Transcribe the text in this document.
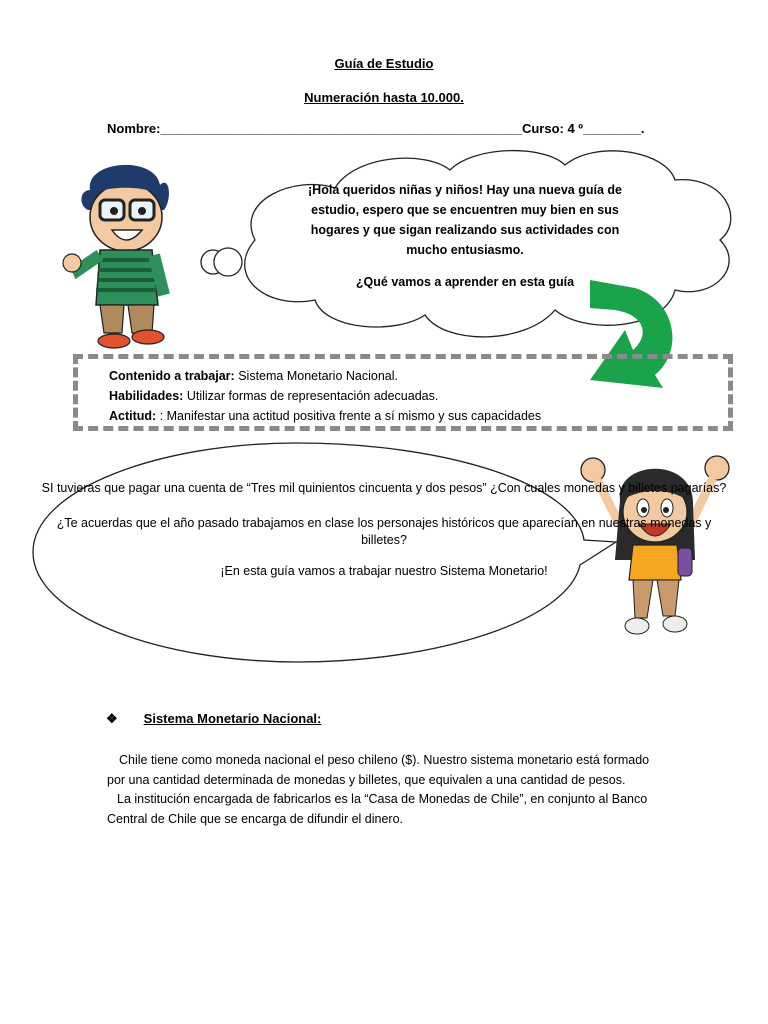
Guía de Estudio
Numeración hasta 10.000.
Nombre:__________________________________________________Curso: 4 º________.
¡Hola queridos niñas y niños! Hay una nueva guía de
estudio, espero que se encuentren muy bien en sus
hogares y que sigan realizando sus actividades con
mucho entusiasmo.
¿Qué vamos a aprender en esta guía
Contenido a trabajar: Sistema Monetario Nacional.
Habilidades: Utilizar formas de representación adecuadas.
Actitud: : Manifestar una actitud positiva frente a sí mismo y sus capacidades
SI tuvieras que pagar una cuenta de “Tres mil quinientos cincuenta y dos pesos” ¿Con cuales monedas y billetes pagarías?
¿Te acuerdas que el año pasado trabajamos en clase los personajes históricos que aparecían en nuestras monedas y
billetes?
¡En esta guía vamos a trabajar nuestro Sistema Monetario!
❖ Sistema Monetario Nacional:
Chile tiene como moneda nacional el peso chileno ($). Nuestro sistema monetario está formado
por una cantidad determinada de monedas y billetes, que equivalen a una cantidad de pesos.
La institución encargada de fabricarlos es la “Casa de Monedas de Chile”, en conjunto al Banco
Central de Chile que se encarga de difundir el dinero.
